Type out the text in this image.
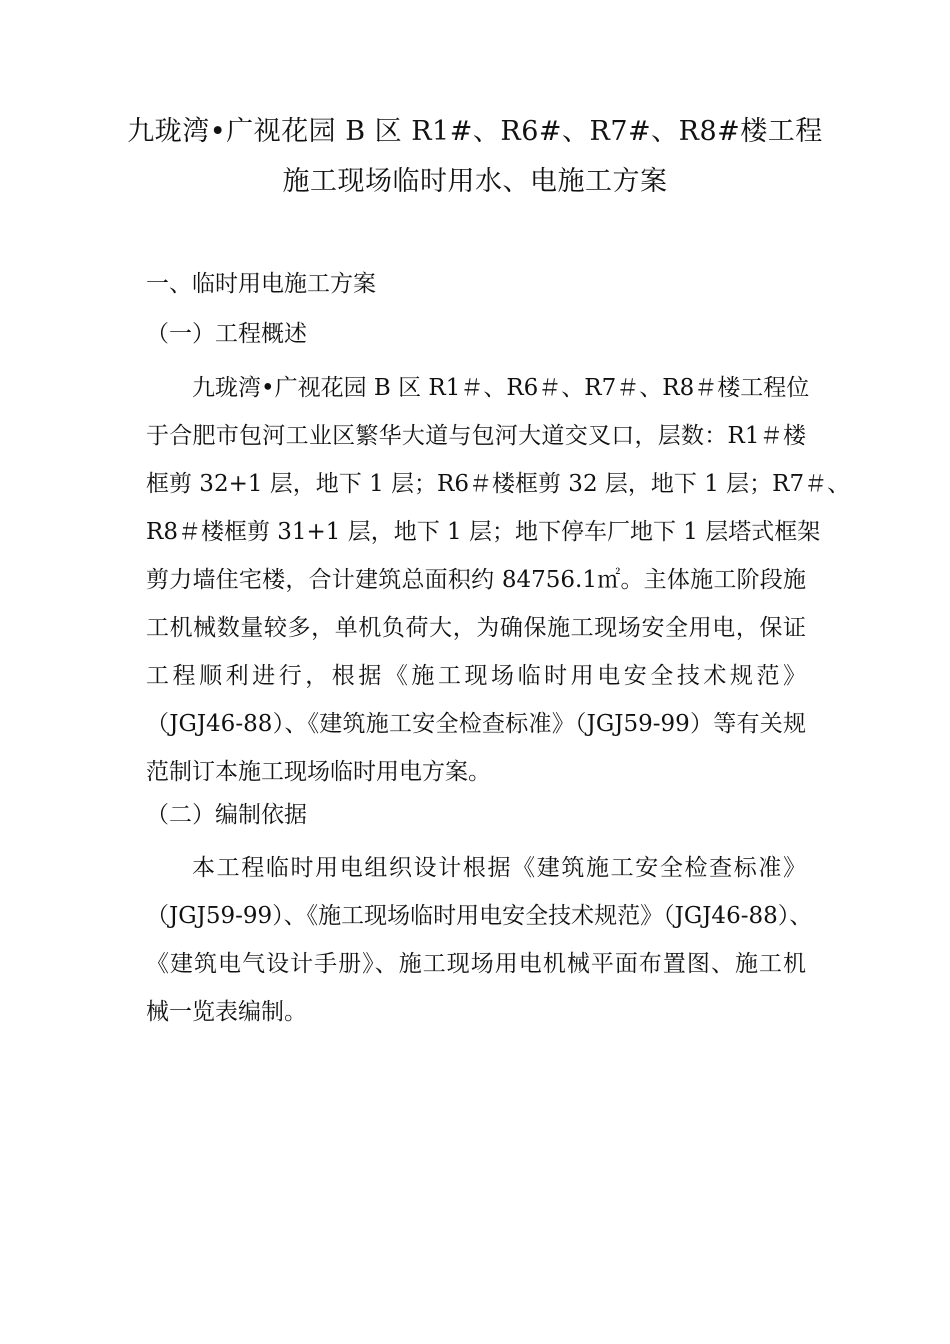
九珑湾•广视花园 B 区 R1#、R6#、R7#、R8#楼工程
施工现场临时用水、电施工方案
一、临时用电施工方案
（一）工程概述
九珑湾•广视花园 B 区 R1＃、R6＃、R7＃、R8＃楼工程位
于合肥市包河工业区繁华大道与包河大道交叉口，层数：R1＃楼
框剪 32+1 层，地下 1 层；R6＃楼框剪 32 层，地下 1 层；R7＃、
R8＃楼框剪 31+1 层，地下 1 层；地下停车厂地下 1 层塔式框架
剪力墙住宅楼，合计建筑总面积约 84756.1㎡。主体施工阶段施
工机械数量较多，单机负荷大，为确保施工现场安全用电，保证
工程顺利进行，根据《施工现场临时用电安全技术规范》
（JGJ46-88）、《建筑施工安全检查标准》（JGJ59-99）等有关规
范制订本施工现场临时用电方案。
（二）编制依据
本工程临时用电组织设计根据《建筑施工安全检查标准》
（JGJ59-99）、《施工现场临时用电安全技术规范》（JGJ46-88）、
《建筑电气设计手册》、施工现场用电机械平面布置图、施工机
械一览表编制。
